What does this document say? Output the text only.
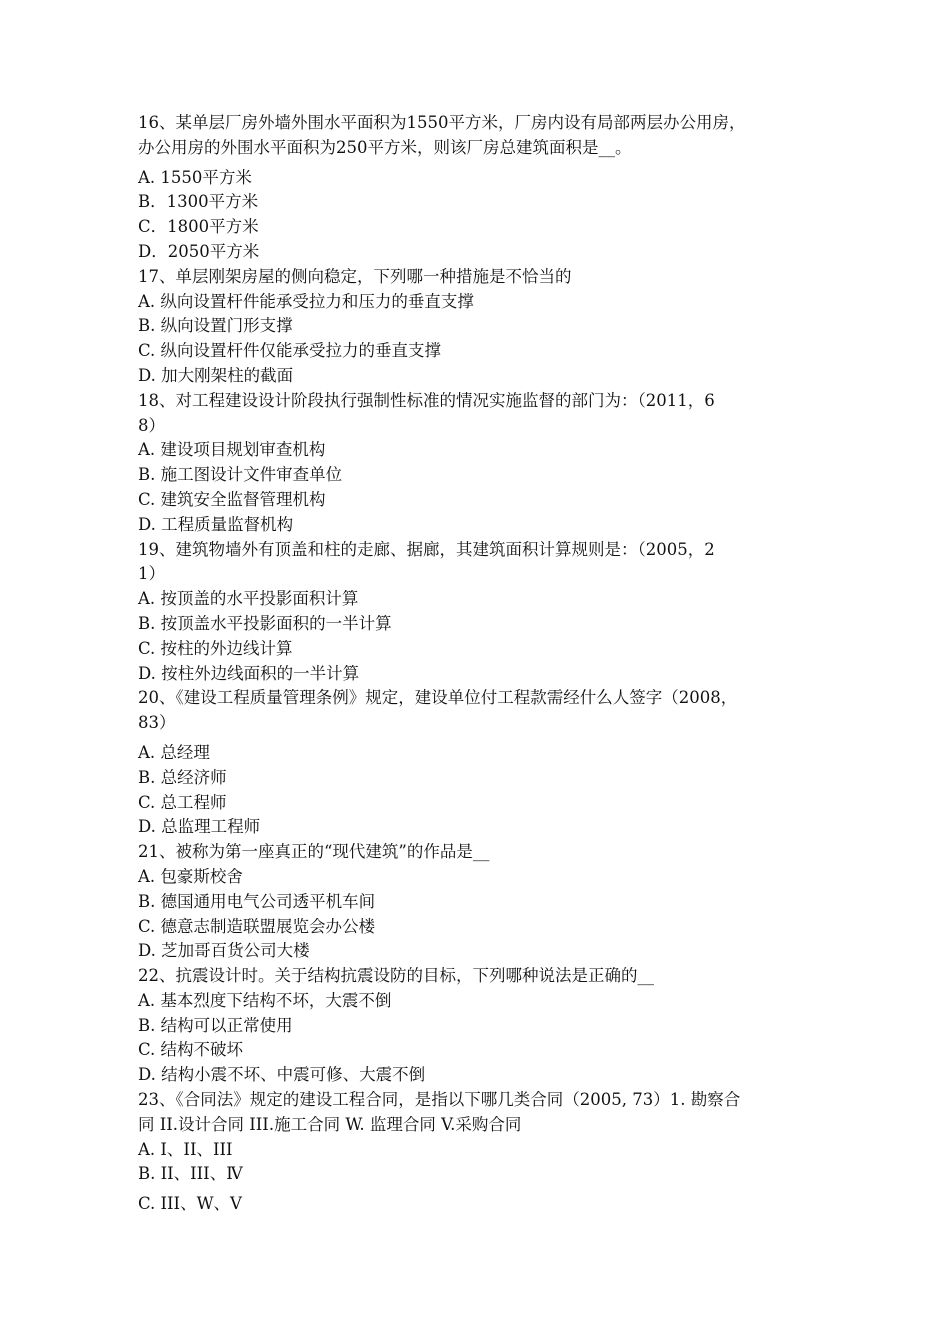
16、某单层厂房外墙外围水平面积为1550平方米，厂房内设有局部两层办公用房，
办公用房的外围水平面积为250平方米，则该厂房总建筑面积是__。
A. 1550平方米
B．1300平方米
C．1800平方米
D．2050平方米
17、单层刚架房屋的侧向稳定，下列哪一种措施是不恰当的
A. 纵向设置杆件能承受拉力和压力的垂直支撑
B. 纵向设置门形支撑
C. 纵向设置杆件仅能承受拉力的垂直支撑
D. 加大刚架柱的截面
18、对工程建设设计阶段执行强制性标准的情况实施监督的部门为：（2011，6
8）
A. 建设项目规划审查机构
B. 施工图设计文件审查单位
C. 建筑安全监督管理机构
D. 工程质量监督机构
19、建筑物墙外有顶盖和柱的走廊、据廊，其建筑面积计算规则是：（2005，2
1）
A. 按顶盖的水平投影面积计算
B. 按顶盖水平投影面积的一半计算
C. 按柱的外边线计算
D. 按柱外边线面积的一半计算
20、《建设工程质量管理条例》规定，建设单位付工程款需经什么人签字（2008，
83）
A. 总经理
B. 总经济师
C. 总工程师
D. 总监理工程师
21、被称为第一座真正的“现代建筑”的作品是__
A. 包豪斯校舍
B. 德国通用电气公司透平机车间
C. 德意志制造联盟展览会办公楼
D. 芝加哥百货公司大楼
22、抗震设计时。关于结构抗震设防的目标，下列哪种说法是正确的__
A. 基本烈度下结构不坏，大震不倒
B. 结构可以正常使用
C. 结构不破坏
D. 结构小震不坏、中震可修、大震不倒
23、《合同法》规定的建设工程合同，是指以下哪几类合同（2005, 73）1. 勘察合
同 II.设计合同 III.施工合同 W. 监理合同 V.采购合同
A. I、II、III
B. II、III、Ⅳ
C. III、W、V
